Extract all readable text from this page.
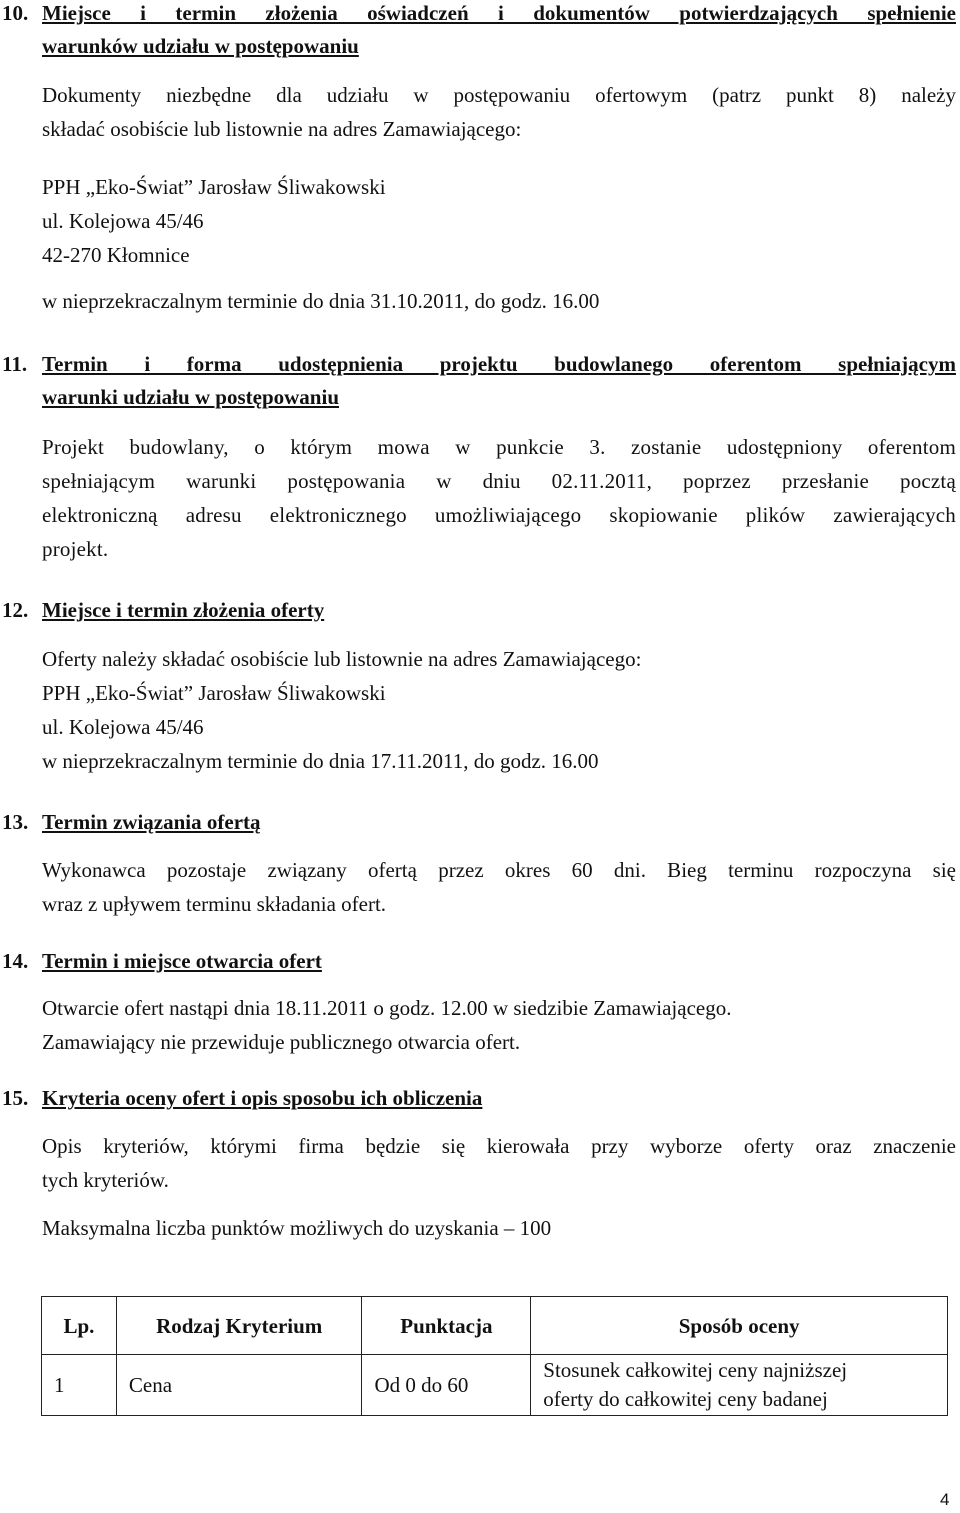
10. Miejsce i termin złożenia oświadczeń i dokumentów potwierdzających spełnienie
warunków udziału w postępowaniu
Dokumenty niezbędne dla udziału w postępowaniu ofertowym (patrz punkt 8) należy
składać osobiście lub listownie na adres Zamawiającego:
PPH „Eko-Świat” Jarosław Śliwakowski
ul. Kolejowa 45/46
42-270 Kłomnice
w nieprzekraczalnym terminie do dnia 31.10.2011, do godz. 16.00
11. Termin i forma udostępnienia projektu budowlanego oferentom spełniającym
warunki udziału w postępowaniu
Projekt budowlany, o którym mowa w punkcie 3. zostanie udostępniony oferentom
spełniającym warunki postępowania w dniu 02.11.2011, poprzez przesłanie pocztą
elektroniczną adresu elektronicznego umożliwiającego skopiowanie plików zawierających
projekt.
12. Miejsce i termin złożenia oferty
Oferty należy składać osobiście lub listownie na adres Zamawiającego:
PPH „Eko-Świat” Jarosław Śliwakowski
ul. Kolejowa 45/46
w nieprzekraczalnym terminie do dnia 17.11.2011, do godz. 16.00
13. Termin związania ofertą
Wykonawca pozostaje związany ofertą przez okres 60 dni. Bieg terminu rozpoczyna się
wraz z upływem terminu składania ofert.
14. Termin i miejsce otwarcia ofert
Otwarcie ofert nastąpi dnia 18.11.2011 o godz. 12.00 w siedzibie Zamawiającego.
Zamawiający nie przewiduje publicznego otwarcia ofert.
15. Kryteria oceny ofert i opis sposobu ich obliczenia
Opis kryteriów, którymi firma będzie się kierowała przy wyborze oferty oraz znaczenie
tych kryteriów.
Maksymalna liczba punktów możliwych do uzyskania – 100
Lp.	Rodzaj Kryterium	Punktacja	Sposób oceny
1	Cena	Od 0 do 60	Stosunek całkowitej ceny najniższej
oferty do całkowitej ceny badanej
4
